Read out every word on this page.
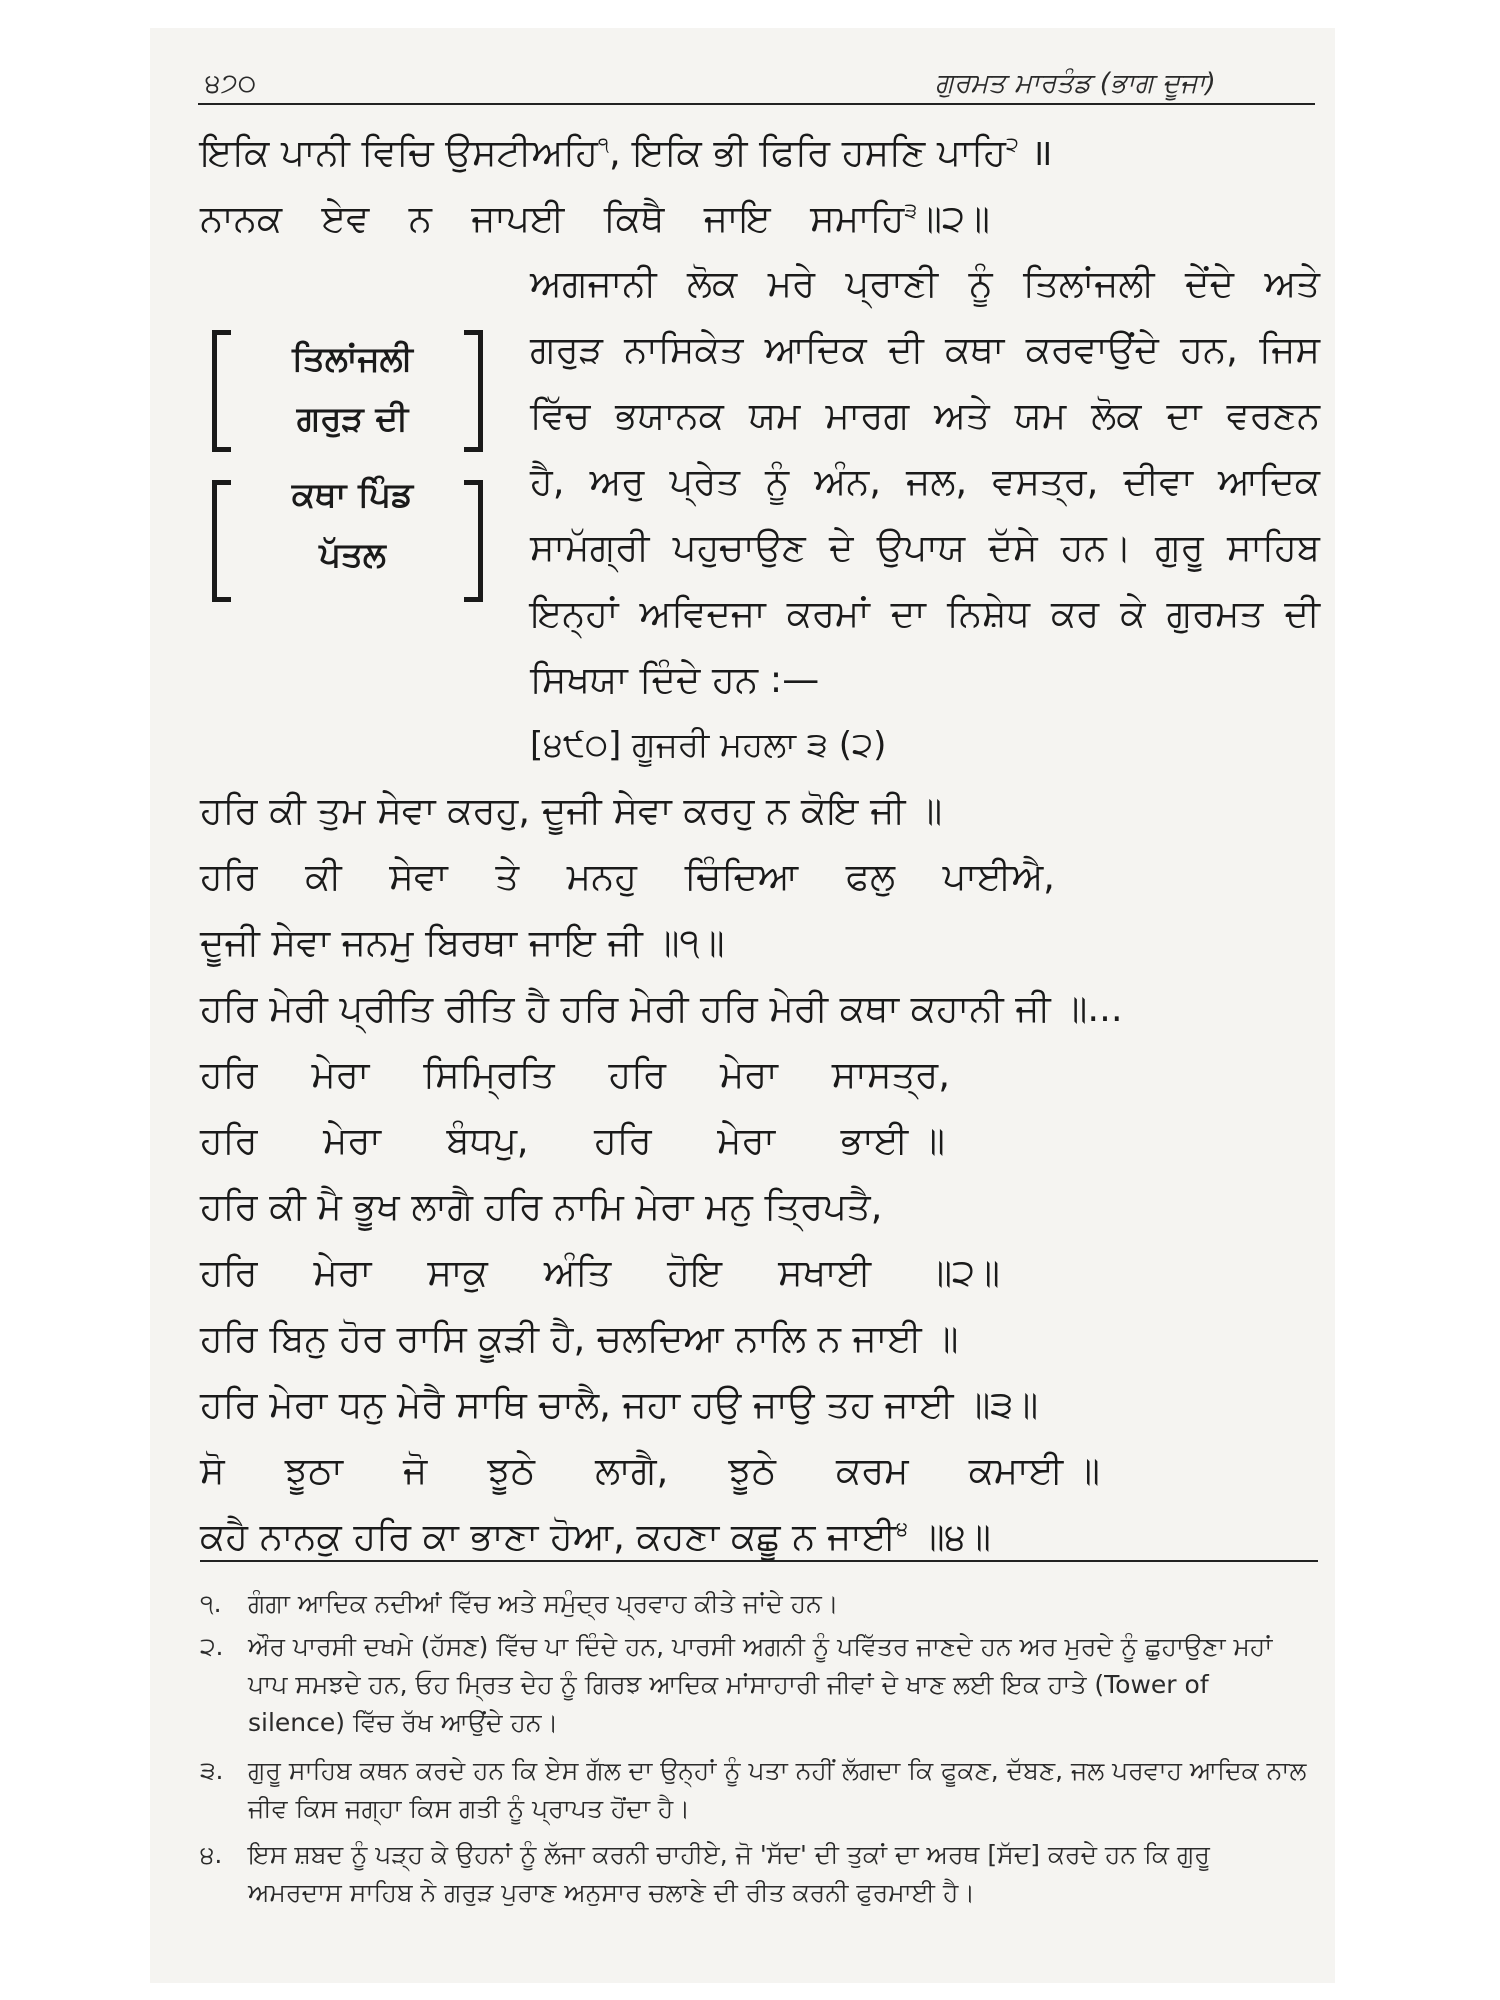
੪੭੦	ਗੁਰਮਤ ਮਾਰਤੰਡ (ਭਾਗ ਦੂਜਾ)
ਇਕਿ ਪਾਨੀ ਵਿਚਿ ਉਸਟੀਅਹਿ$^੧$, ਇਕਿ ਭੀ ਫਿਰਿ ਹਸਣਿ ਪਾਹਿ$^੨$ ॥
ਨਾਨਕ ਏਵ ਨ ਜਾਪਈ ਕਿਥੈ ਜਾਇ ਸਮਾਹਿ$^੩$॥੨॥
ਤਿਲਾਂਜਲੀ
ਗਰੁੜ ਦੀ
ਕਥਾ ਪਿੰਡ
ਪੱਤਲ
ਅਗਜਾਨੀ ਲੋਕ ਮਰੇ ਪ੍ਰਾਣੀ ਨੂੰ ਤਿਲਾਂਜਲੀ ਦੇਂਦੇ ਅਤੇ
ਗਰੁੜ ਨਾਸਿਕੇਤ ਆਦਿਕ ਦੀ ਕਥਾ ਕਰਵਾਉਂਦੇ ਹਨ, ਜਿਸ
ਵਿੱਚ ਭਯਾਨਕ ਯਮ ਮਾਰਗ ਅਤੇ ਯਮ ਲੋਕ ਦਾ ਵਰਣਨ
ਹੈ, ਅਰੁ ਪ੍ਰੇਤ ਨੂੰ ਅੰਨ, ਜਲ, ਵਸਤ੍ਰ, ਦੀਵਾ ਆਦਿਕ
ਸਾਮੱਗ੍ਰੀ ਪਹੁਚਾਉਣ ਦੇ ਉਪਾਯ ਦੱਸੇ ਹਨ। ਗੁਰੂ ਸਾਹਿਬ
ਇਨ੍ਹਾਂ ਅਵਿਦਜਾ ਕਰਮਾਂ ਦਾ ਨਿਸ਼ੇਧ ਕਰ ਕੇ ਗੁਰਮਤ ਦੀ
ਸਿਖਯਾ ਦਿੰਦੇ ਹਨ :—
[੪੯੦] ਗੂਜਰੀ ਮਹਲਾ ੩ (੨)
ਹਰਿ ਕੀ ਤੁਮ ਸੇਵਾ ਕਰਹੁ, ਦੂਜੀ ਸੇਵਾ ਕਰਹੁ ਨ ਕੋਇ ਜੀ ॥
ਹਰਿ ਕੀ ਸੇਵਾ ਤੇ ਮਨਹੁ ਚਿੰਦਿਆ ਫਲੁ ਪਾਈਐ,
ਦੂਜੀ ਸੇਵਾ ਜਨਮੁ ਬਿਰਥਾ ਜਾਇ ਜੀ ॥੧॥
ਹਰਿ ਮੇਰੀ ਪ੍ਰੀਤਿ ਰੀਤਿ ਹੈ ਹਰਿ ਮੇਰੀ ਹਰਿ ਮੇਰੀ ਕਥਾ ਕਹਾਨੀ ਜੀ ॥...
ਹਰਿ ਮੇਰਾ ਸਿਮ੍ਰਿਤਿ ਹਰਿ ਮੇਰਾ ਸਾਸਤ੍ਰ,
ਹਰਿ ਮੇਰਾ ਬੰਧਪੁ, ਹਰਿ ਮੇਰਾ ਭਾਈ ॥
ਹਰਿ ਕੀ ਮੈ ਭੂਖ ਲਾਗੈ ਹਰਿ ਨਾਮਿ ਮੇਰਾ ਮਨੁ ਤ੍ਰਿਪਤੈ,
ਹਰਿ ਮੇਰਾ ਸਾਕੁ ਅੰਤਿ ਹੋਇ ਸਖਾਈ ॥੨॥
ਹਰਿ ਬਿਨੁ ਹੋਰ ਰਾਸਿ ਕੂੜੀ ਹੈ, ਚਲਦਿਆ ਨਾਲਿ ਨ ਜਾਈ ॥
ਹਰਿ ਮੇਰਾ ਧਨੁ ਮੇਰੈ ਸਾਥਿ ਚਾਲੈ, ਜਹਾ ਹਉ ਜਾਉ ਤਹ ਜਾਈ ॥੩॥
ਸੋ ਝੂਠਾ ਜੋ ਝੂਠੇ ਲਾਗੈ, ਝੂਠੇ ਕਰਮ ਕਮਾਈ ॥
ਕਹੈ ਨਾਨਕੁ ਹਰਿ ਕਾ ਭਾਣਾ ਹੋਆ, ਕਹਣਾ ਕਛੂ ਨ ਜਾਈ$^੪$ ॥੪॥
੧. ਗੰਗਾ ਆਦਿਕ ਨਦੀਆਂ ਵਿੱਚ ਅਤੇ ਸਮੁੰਦ੍ਰ ਪ੍ਰਵਾਹ ਕੀਤੇ ਜਾਂਦੇ ਹਨ।
੨. ਔਰ ਪਾਰਸੀ ਦਖਮੇ (ਹੱਸਣ) ਵਿੱਚ ਪਾ ਦਿੰਦੇ ਹਨ, ਪਾਰਸੀ ਅਗਨੀ ਨੂੰ ਪਵਿੱਤਰ ਜਾਣਦੇ ਹਨ ਅਰ ਮੁਰਦੇ ਨੂੰ ਛੁਹਾਉਣਾ ਮਹਾਂ ਪਾਪ ਸਮਝਦੇ ਹਨ, ਓਹ ਮ੍ਰਿਤ ਦੇਹ ਨੂੰ ਗਿਰਝ ਆਦਿਕ ਮਾਂਸਾਹਾਰੀ ਜੀਵਾਂ ਦੇ ਖਾਣ ਲਈ ਇਕ ਹਾਤੇ (Tower of silence) ਵਿੱਚ ਰੱਖ ਆਉਂਦੇ ਹਨ।
੩. ਗੁਰੂ ਸਾਹਿਬ ਕਥਨ ਕਰਦੇ ਹਨ ਕਿ ਏਸ ਗੱਲ ਦਾ ਉਨ੍ਹਾਂ ਨੂੰ ਪਤਾ ਨਹੀਂ ਲੱਗਦਾ ਕਿ ਫੂਕਣ, ਦੱਬਣ, ਜਲ ਪਰਵਾਹ ਆਦਿਕ ਨਾਲ ਜੀਵ ਕਿਸ ਜਗ੍ਹਾ ਕਿਸ ਗਤੀ ਨੂੰ ਪ੍ਰਾਪਤ ਹੋਂਦਾ ਹੈ।
੪. ਇਸ ਸ਼ਬਦ ਨੂੰ ਪੜ੍ਹ ਕੇ ਉਹਨਾਂ ਨੂੰ ਲੱਜਾ ਕਰਨੀ ਚਾਹੀਏ, ਜੋ 'ਸੱਦ' ਦੀ ਤੁਕਾਂ ਦਾ ਅਰਥ [ਸੱਦ] ਕਰਦੇ ਹਨ ਕਿ ਗੁਰੂ ਅਮਰਦਾਸ ਸਾਹਿਬ ਨੇ ਗਰੁੜ ਪੁਰਾਣ ਅਨੁਸਾਰ ਚਲਾਣੇ ਦੀ ਰੀਤ ਕਰਨੀ ਫੁਰਮਾਈ ਹੈ।
